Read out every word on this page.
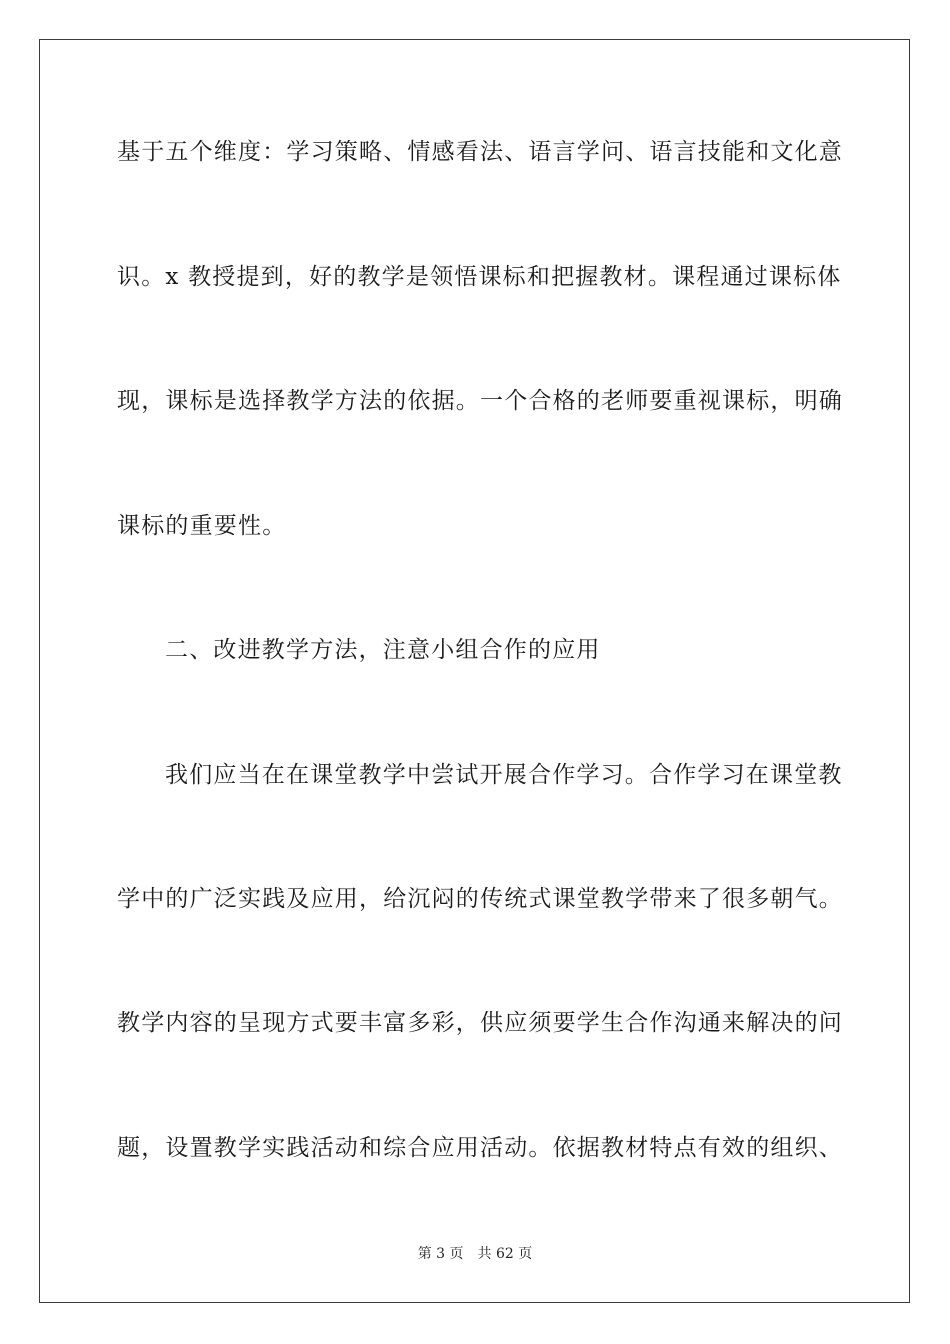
基于五个维度：学习策略、情感看法、语言学问、语言技能和文化意
识。x 教授提到，好的教学是领悟课标和把握教材。课程通过课标体
现，课标是选择教学方法的依据。一个合格的老师要重视课标，明确
课标的重要性。
二、改进教学方法，注意小组合作的应用
我们应当在在课堂教学中尝试开展合作学习。合作学习在课堂教
学中的广泛实践及应用，给沉闷的传统式课堂教学带来了很多朝气。
教学内容的呈现方式要丰富多彩，供应须要学生合作沟通来解决的问
题，设置教学实践活动和综合应用活动。依据教材特点有效的组织、
第 3 页 共 62 页
